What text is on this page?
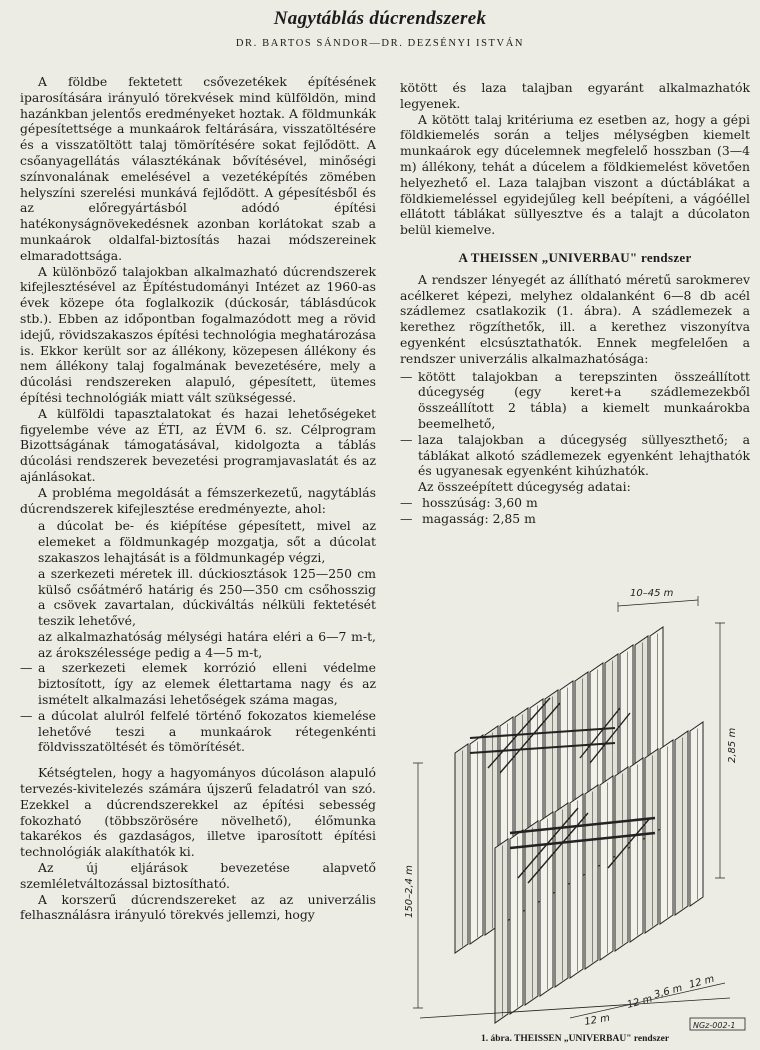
Nagytáblás dúcrendszerek
DR. BARTOS SÁNDOR—DR. DEZSÉNYI ISTVÁN

A földbe fektetett csővezetékek építésének iparosítására irányuló törekvések mind külföldön, mind hazánkban jelentős eredményeket hoztak. A földmunkák gépesítettsége a munkaárok feltárására, visszatöltésére és a visszatöltött talaj tömörítésére sokat fejlődött. A csőanyagellátás választékának bővítésével, minőségi színvonalának emelésével a vezetéképítés zömében helyszíni szerelési munkává fejlődött. A gépesítésből és az előregyártásból adódó építési hatékonyságnövekedésnek azonban korlátokat szab a munkaárok oldalfal-biztosítás hazai módszereinek elmaradottsága.

A különböző talajokban alkalmazható dúcrendszerek kifejlesztésével az Építéstudományi Intézet az 1960-as évek közepe óta foglalkozik (dúckosár, táblásdúcok stb.). Ebben az időpontban fogalmazódott meg a rövid idejű, rövidszakaszos építési technológia meghatározása is. Ekkor került sor az állékony, közepesen állékony és nem állékony talaj fogalmának bevezetésére, mely a dúcolási rendszereken alapuló, gépesített, ütemes építési technológiák miatt vált szükségessé.

A külföldi tapasztalatokat és hazai lehetőségeket figyelembe véve az ÉTI, az ÉVM 6. sz. Célprogram Bizottságának támogatásával, kidolgozta a táblás dúcolási rendszerek bevezetési programjavaslatát és az ajánlásokat.

A probléma megoldását a fémszerkezetű, nagytáblás dúcrendszerek kifejlesztése eredményezte, ahol:

a dúcolat be- és kiépítése gépesített, mivel az elemeket a földmunkagép mozgatja, sőt a dúcolat szakaszos lehajtását is a földmunkagép végzi,
a szerkezeti méretek ill. dúckiosztások 125—250 cm külső csőátmérő határig és 250—350 cm csőhosszig a csövek zavartalan, dúckiváltás nélküli fektetését teszik lehetővé,
az alkalmazhatóság mélységi határa eléri a 6—7 m-t, az árokszélessége pedig a 4—5 m-t,
— a szerkezeti elemek korrózió elleni védelme biztosított, így az elemek élettartama nagy és az ismételt alkalmazási lehetőségek száma magas,
— a dúcolat alulról felfelé történő fokozatos kiemelése lehetővé teszi a munkaárok rétegenkénti földvisszatöltését és tömörítését.

Kétségtelen, hogy a hagyományos dúcoláson alapuló tervezés-kivitelezés számára újszerű feladatról van szó. Ezekkel a dúcrendszerekkel az építési sebesség fokozható (többszörösére növelhető), élőmunka takarékos és gazdaságos, illetve iparosított építési technológiák alakíthatók ki.

Az új eljárások bevezetése alapvető szemléletváltozással biztosítható.

A korszerű dúcrendszereket az az univerzális felhasználásra irányuló törekvés jellemzi, hogy

kötött és laza talajban egyaránt alkalmazhatók legyenek.

A kötött talaj kritériuma ez esetben az, hogy a gépi földkiemelés során a teljes mélységben kiemelt munkaárok egy dúcelemnek megfelelő hosszban (3—4 m) állékony, tehát a dúcelem a földkiemelést követően helyezhető el. Laza talajban viszont a dúctáblákat a földkiemeléssel egyidejűleg kell beépíteni, a vágóéllel ellátott táblákat süllyesztve és a talajt a dúcolaton belül kiemelve.

A THEISSEN „UNIVERBAU" rendszer

A rendszer lényegét az állítható méretű sarokmerev acélkeret képezi, melyhez oldalanként 6—8 db acél szádlemez csatlakozik (1. ábra). A szádlemezek a kerethez rögzíthetők, ill. a kerethez viszonyítva egyenként elcsúsztathatók. Ennek megfelelően a rendszer univerzális alkalmazhatósága:

— kötött talajokban a terepszinten összeállított dúcegység (egy keret+a szádlemezekből összeállított 2 tábla) a kiemelt munkaárokba beemelhető,
— laza talajokban a dúcegység süllyeszthető; a táblákat alkotó szádlemezek egyenként lehajthatók és ugyanesak egyenként kihúzhatók.

Az összeépített dúcegység adatai:

— hosszúság: 3,60 m
— magasság: 2,85 m
10–45 m
2,85 m
150–2,4 m
12 m
12 m
3,6 m
12 m
NGz-002-1
1. ábra. THEISSEN „UNIVERBAU" rendszer
